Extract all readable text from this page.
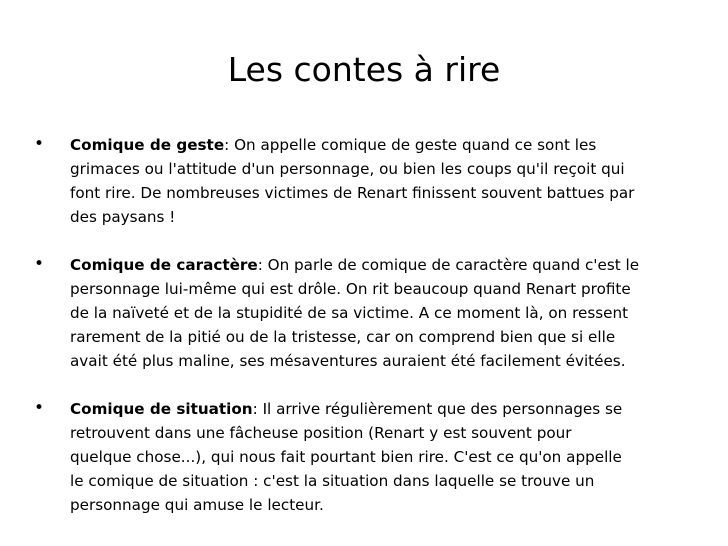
Les contes à rire
• Comique de geste: On appelle comique de geste quand ce sont les
grimaces ou l'attitude d'un personnage, ou bien les coups qu'il reçoit qui
font rire. De nombreuses victimes de Renart finissent souvent battues par
des paysans !
• Comique de caractère: On parle de comique de caractère quand c'est le
personnage lui-même qui est drôle. On rit beaucoup quand Renart profite
de la naïveté et de la stupidité de sa victime. A ce moment là, on ressent
rarement de la pitié ou de la tristesse, car on comprend bien que si elle
avait été plus maline, ses mésaventures auraient été facilement évitées.
• Comique de situation: Il arrive régulièrement que des personnages se
retrouvent dans une fâcheuse position (Renart y est souvent pour
quelque chose...), qui nous fait pourtant bien rire. C'est ce qu'on appelle
le comique de situation : c'est la situation dans laquelle se trouve un
personnage qui amuse le lecteur.
